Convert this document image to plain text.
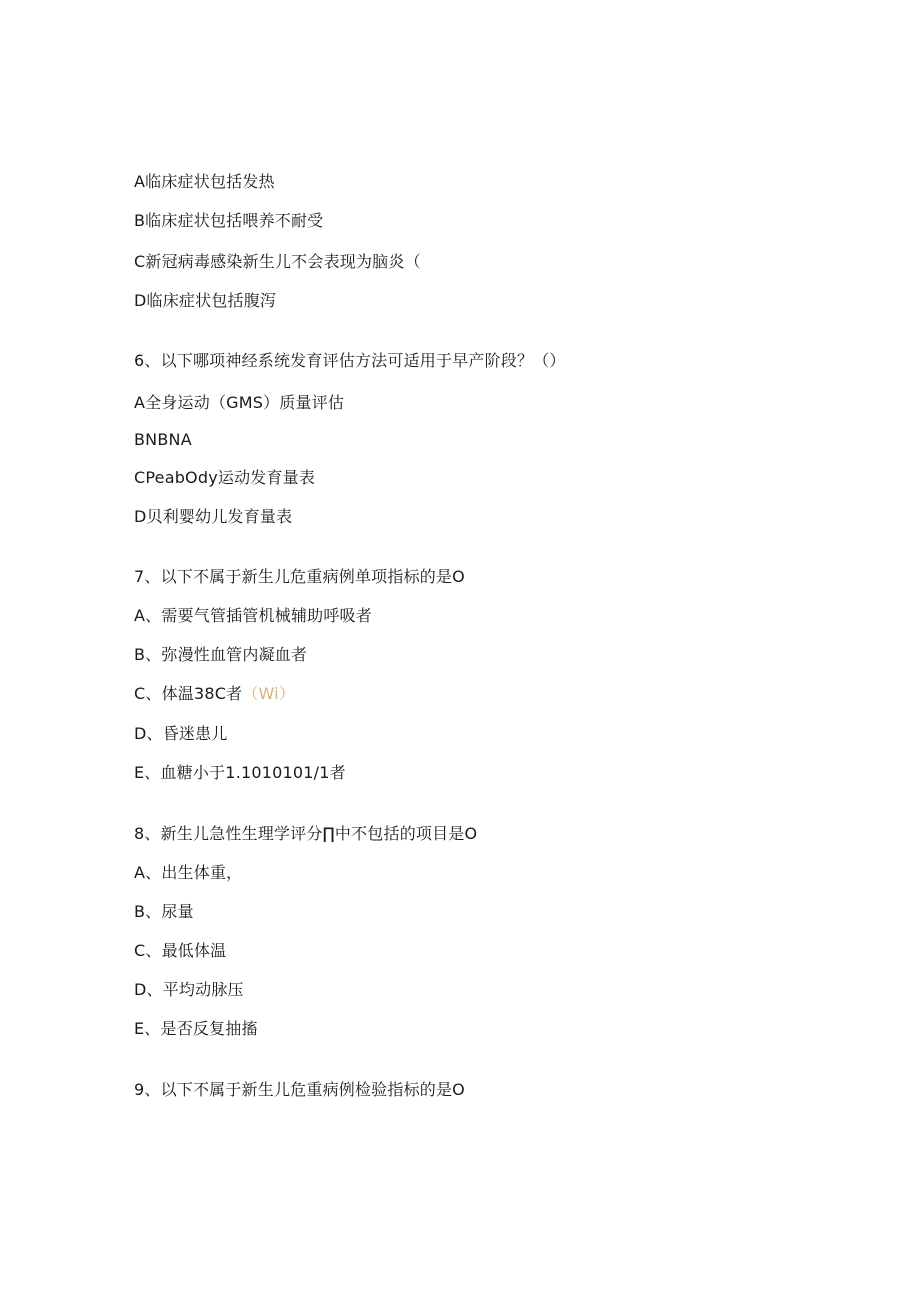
A临床症状包括发热
B临床症状包括喂养不耐受
C新冠病毒感染新生儿不会表现为脑炎（
D临床症状包括腹泻
6、以下哪项神经系统发育评估方法可适用于早产阶段？（）
A全身运动（GMS）质量评估
BNBNA
CPeabOdy运动发育量表
D贝利婴幼儿发育量表
7、以下不属于新生儿危重病例单项指标的是O
A、需要气管插管机械辅助呼吸者
B、弥漫性血管内凝血者
C、体温38C者（Wi）
D、昏迷患儿
E、血糖小于1.1010101/1者
8、新生儿急性生理学评分∏中不包括的项目是O
A、出生体重，
B、尿量
C、最低体温
D、平均动脉压
E、是否反复抽搐
9、以下不属于新生儿危重病例检验指标的是O
